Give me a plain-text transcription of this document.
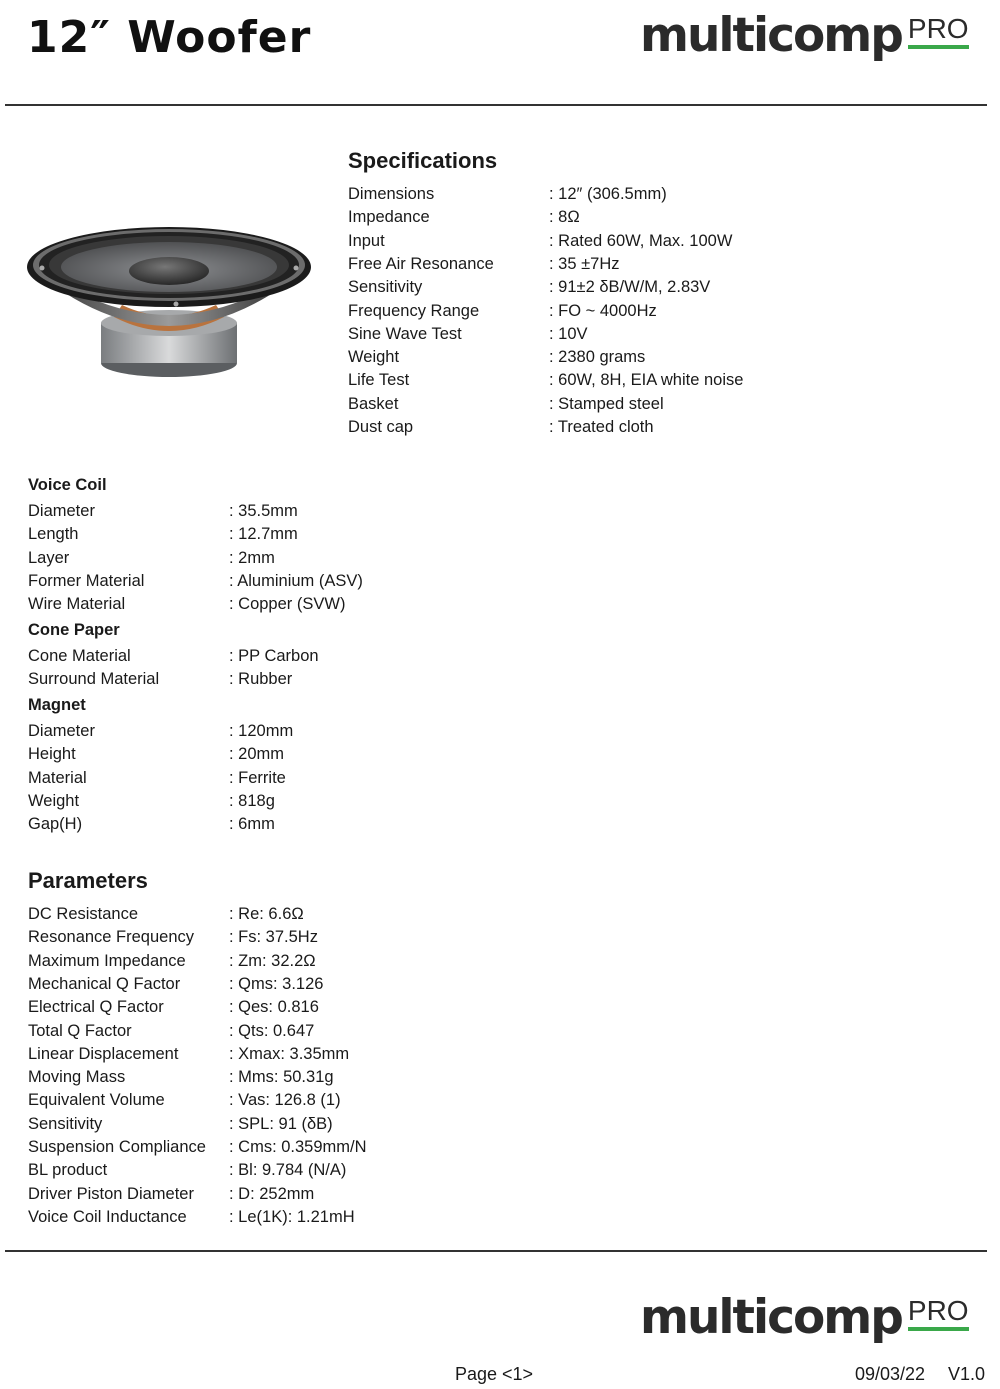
12″ Woofer	multicomp PRO
Specifications
Dimensions	: 12″ (306.5mm)
Impedance	: 8Ω
Input	: Rated 60W, Max. 100W
Free Air Resonance	: 35 ±7Hz
Sensitivity	: 91±2 δB/W/M, 2.83V
Frequency Range	: FO ~ 4000Hz
Sine Wave Test	: 10V
Weight	: 2380 grams
Life Test	: 60W, 8H, EIA white noise
Basket	: Stamped steel
Dust cap	: Treated cloth
Voice Coil
Diameter	: 35.5mm
Length	: 12.7mm
Layer	: 2mm
Former Material	: Aluminium (ASV)
Wire Material	: Copper (SVW)
Cone Paper
Cone Material	: PP Carbon
Surround Material	: Rubber
Magnet
Diameter	: 120mm
Height	: 20mm
Material	: Ferrite
Weight	: 818g
Gap(H)	: 6mm
Parameters
DC Resistance	: Re: 6.6Ω
Resonance Frequency : Fs: 37.5Hz
Maximum Impedance	: Zm: 32.2Ω
Mechanical Q Factor	: Qms: 3.126
Electrical Q Factor	: Qes: 0.816
Total Q Factor	: Qts: 0.647
Linear Displacement	: Xmax: 3.35mm
Moving Mass	: Mms: 50.31g
Equivalent Volume	: Vas: 126.8 (1)
Sensitivity	: SPL: 91 (δB)
Suspension Compliance : Cms: 0.359mm/N
BL product	: Bl: 9.784 (N/A)
Driver Piston Diameter : D: 252mm
Voice Coil Inductance	: Le(1K): 1.21mH
multicomp PRO
Page <1>	09/03/22 V1.0
